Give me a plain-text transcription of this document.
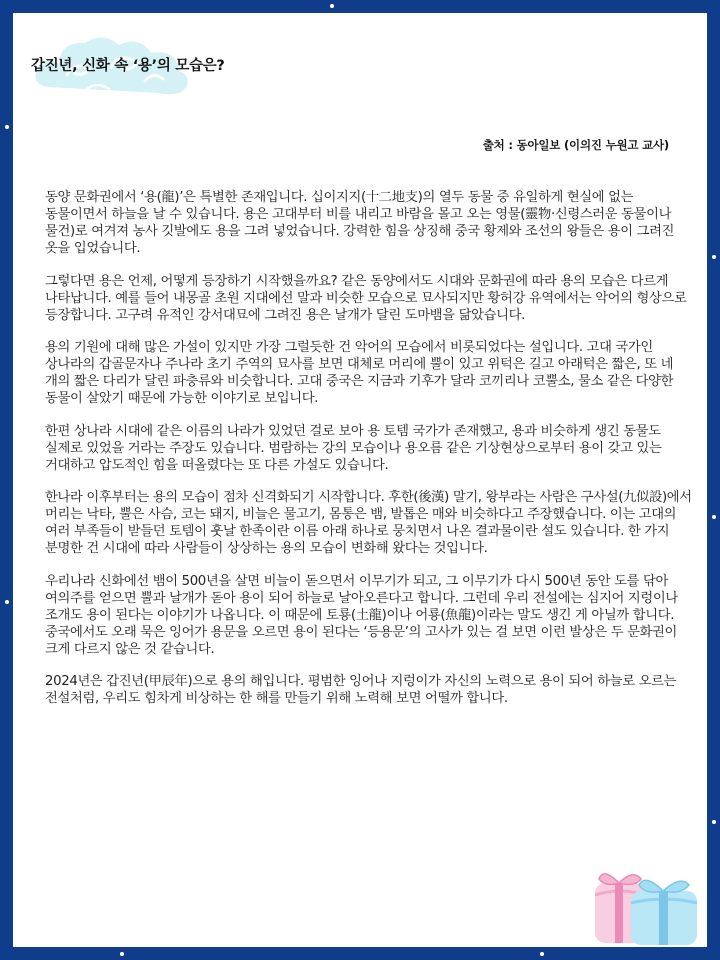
갑진년, 신화 속 ‘용’의 모습은?
출처 : 동아일보 (이의진 누원고 교사)

동양 문화권에서 ‘용(龍)’은 특별한 존재입니다. 십이지지(十二地支)의 열두 동물 중 유일하게 현실에 없는 동물이면서 하늘을 날 수 있습니다. 용은 고대부터 비를 내리고 바람을 몰고 오는 영물(靈物·신령스러운 동물이나 물건)로 여겨져 농사 깃발에도 용을 그려 넣었습니다. 강력한 힘을 상징해 중국 황제와 조선의 왕들은 용이 그려진 옷을 입었습니다.

그렇다면 용은 언제, 어떻게 등장하기 시작했을까요? 같은 동양에서도 시대와 문화권에 따라 용의 모습은 다르게 나타납니다. 예를 들어 내몽골 초원 지대에선 말과 비슷한 모습으로 묘사되지만 황허강 유역에서는 악어의 형상으로 등장합니다. 고구려 유적인 강서대묘에 그려진 용은 날개가 달린 도마뱀을 닮았습니다.

용의 기원에 대해 많은 가설이 있지만 가장 그럴듯한 건 악어의 모습에서 비롯되었다는 설입니다. 고대 국가인 상나라의 갑골문자나 주나라 초기 주역의 묘사를 보면 대체로 머리에 뿔이 있고 위턱은 길고 아래턱은 짧은, 또 네 개의 짧은 다리가 달린 파충류와 비슷합니다. 고대 중국은 지금과 기후가 달라 코끼리나 코뿔소, 물소 같은 다양한 동물이 살았기 때문에 가능한 이야기로 보입니다.

한편 상나라 시대에 같은 이름의 나라가 있었던 걸로 보아 용 토템 국가가 존재했고, 용과 비슷하게 생긴 동물도 실제로 있었을 거라는 주장도 있습니다. 범람하는 강의 모습이나 용오름 같은 기상현상으로부터 용이 갖고 있는 거대하고 압도적인 힘을 떠올렸다는 또 다른 가설도 있습니다.

한나라 이후부터는 용의 모습이 점차 신격화되기 시작합니다. 후한(後漢) 말기, 왕부라는 사람은 구사설(九似設)에서 머리는 낙타, 뿔은 사슴, 코는 돼지, 비늘은 물고기, 몸통은 뱀, 발톱은 매와 비슷하다고 주장했습니다. 이는 고대의 여러 부족들이 받들던 토템이 훗날 한족이란 이름 아래 하나로 뭉치면서 나온 결과물이란 설도 있습니다. 한 가지 분명한 건 시대에 따라 사람들이 상상하는 용의 모습이 변화해 왔다는 것입니다.

우리나라 신화에선 뱀이 500년을 살면 비늘이 돋으면서 이무기가 되고, 그 이무기가 다시 500년 동안 도를 닦아 여의주를 얻으면 뿔과 날개가 돋아 용이 되어 하늘로 날아오른다고 합니다. 그런데 우리 전설에는 심지어 지렁이나 조개도 용이 된다는 이야기가 나옵니다. 이 때문에 토룡(土龍)이나 어룡(魚龍)이라는 말도 생긴 게 아닐까 합니다. 중국에서도 오래 묵은 잉어가 용문을 오르면 용이 된다는 ‘등용문’의 고사가 있는 걸 보면 이런 발상은 두 문화권이 크게 다르지 않은 것 같습니다.

2024년은 갑진년(甲辰年)으로 용의 해입니다. 평범한 잉어나 지렁이가 자신의 노력으로 용이 되어 하늘로 오르는 전설처럼, 우리도 힘차게 비상하는 한 해를 만들기 위해 노력해 보면 어떨까 합니다.
